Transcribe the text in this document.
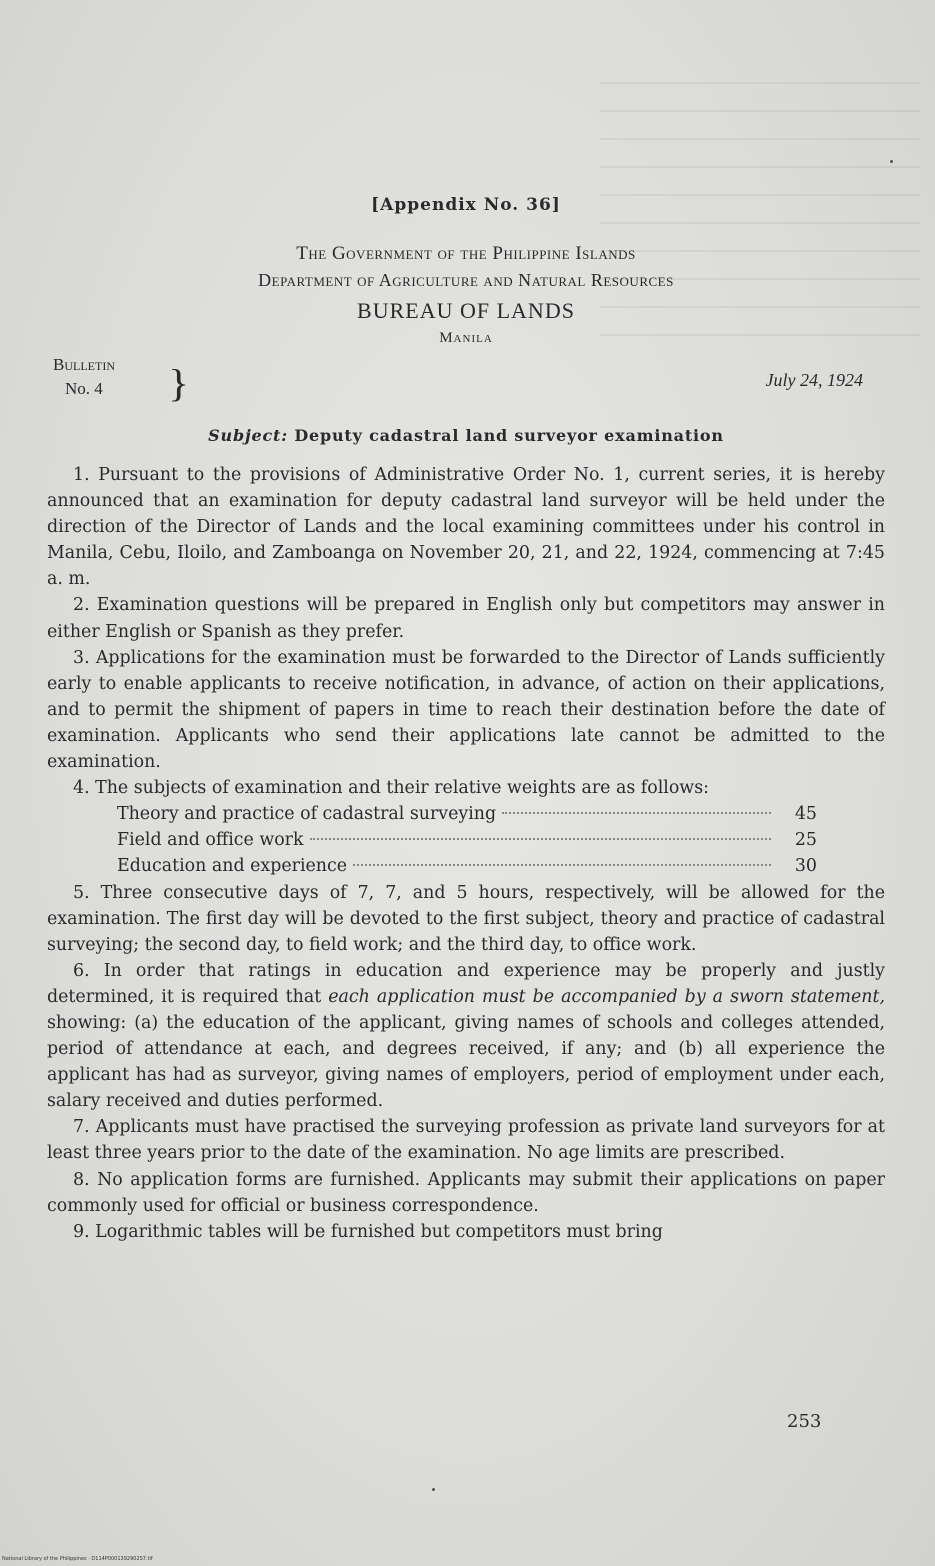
[Appendix No. 36]
The Government of the Philippine Islands
Department of Agriculture and Natural Resources
BUREAU OF LANDS
Manila
Bulletin
No. 4 }	July 24, 1924
Subject: Deputy cadastral land surveyor examination

1. Pursuant to the provisions of Administrative Order No. 1, current series, it is hereby announced that an examination for deputy cadastral land surveyor will be held under the direction of the Director of Lands and the local examining committees under his control in Manila, Cebu, Iloilo, and Zamboanga on November 20, 21, and 22, 1924, commencing at 7:45 a. m.

2. Examination questions will be prepared in English only but competitors may answer in either English or Spanish as they prefer.

3. Applications for the examination must be forwarded to the Director of Lands sufficiently early to enable applicants to receive notification, in advance, of action on their applications, and to permit the shipment of papers in time to reach their destination before the date of examination. Applicants who send their applications late cannot be admitted to the examination.

4. The subjects of examination and their relative weights are as follows:

Theory and practice of cadastral surveying	45
Field and office work	25
Education and experience	30

5. Three consecutive days of 7, 7, and 5 hours, respectively, will be allowed for the examination. The first day will be devoted to the first subject, theory and practice of cadastral surveying; the second day, to field work; and the third day, to office work.

6. In order that ratings in education and experience may be properly and justly determined, it is required that each application must be accompanied by a sworn statement, showing: (a) the education of the applicant, giving names of schools and colleges attended, period of attendance at each, and degrees received, if any; and (b) all experience the applicant has had as surveyor, giving names of employers, period of employment under each, salary received and duties performed.

7. Applicants must have practised the surveying profession as private land surveyors for at least three years prior to the date of the examination. No age limits are prescribed.

8. No application forms are furnished. Applicants may submit their applications on paper commonly used for official or business correspondence.

9. Logarithmic tables will be furnished but competitors must bring

253
National Library of the Philippines · D114P0001392902S7.tif
